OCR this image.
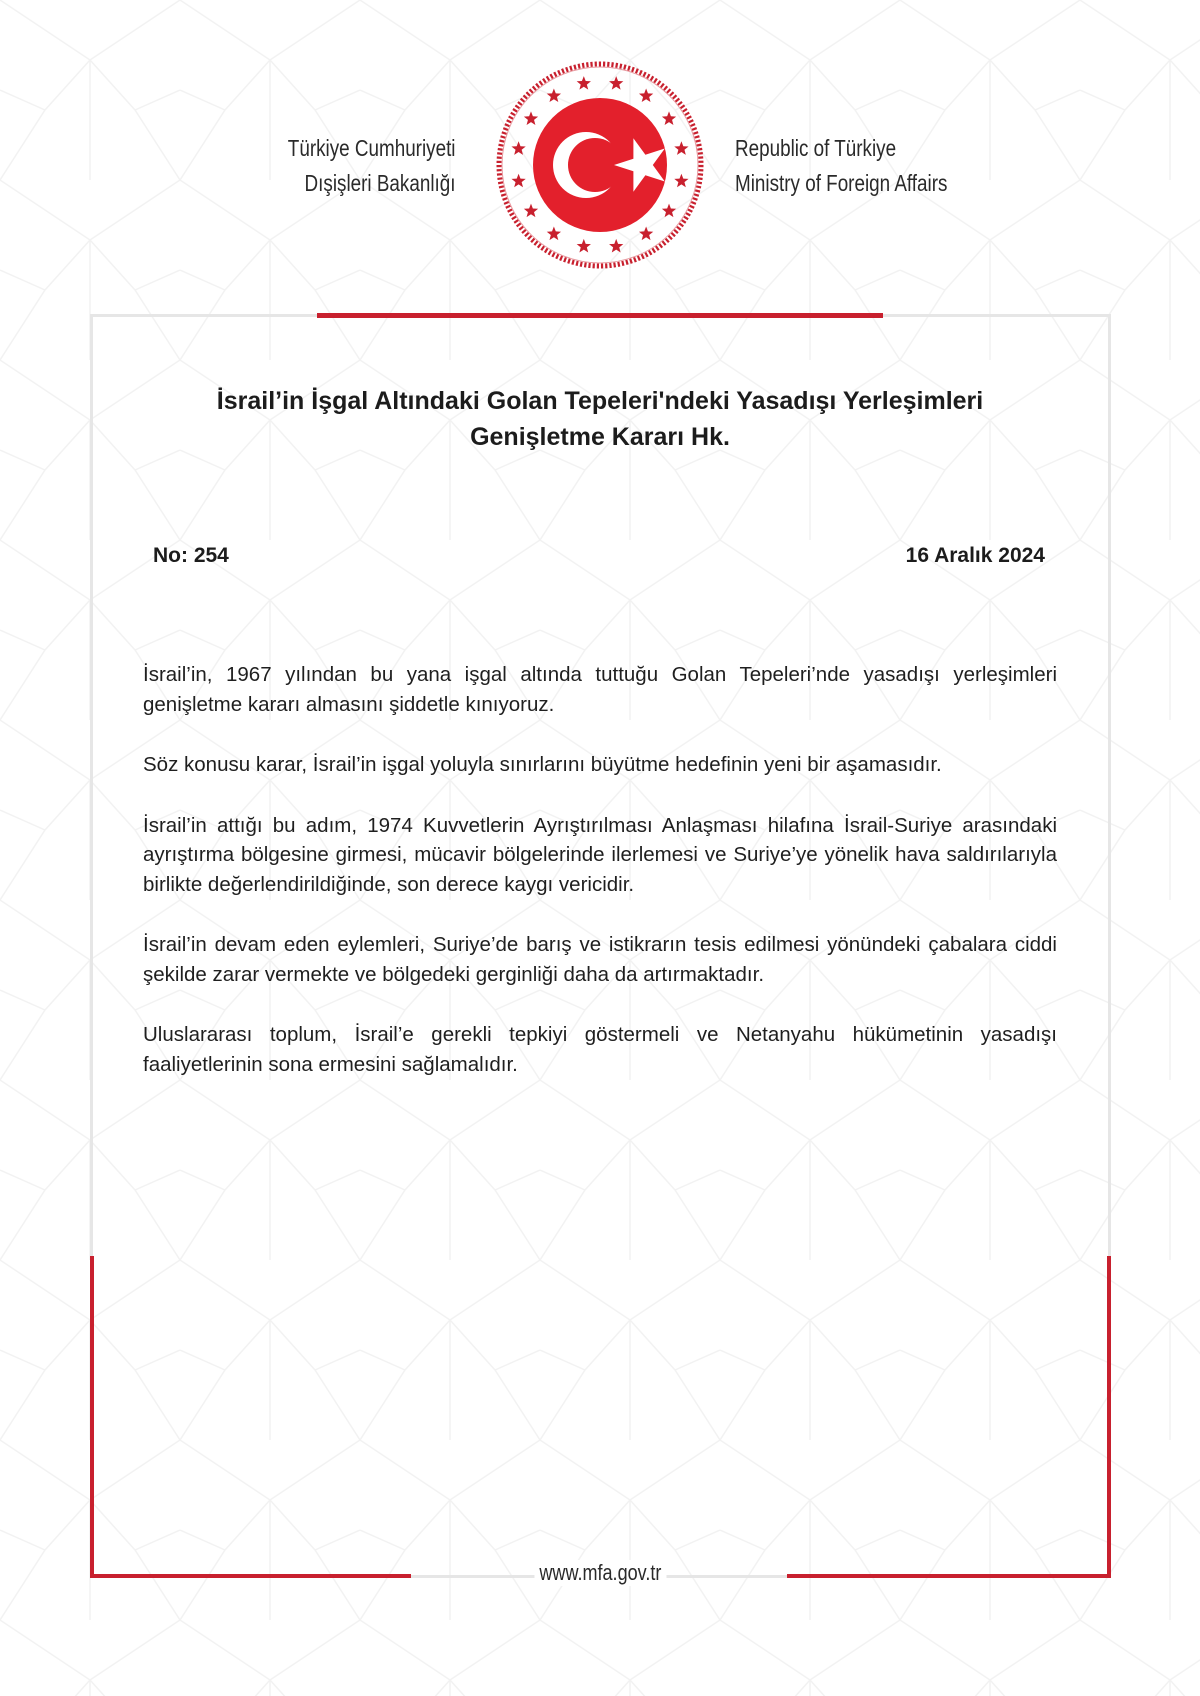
Türkiye Cumhuriyeti
Dışişleri Bakanlığı
Republic of Türkiye
Ministry of Foreign Affairs
İsrail’in İşgal Altındaki Golan Tepeleri'ndeki Yasadışı Yerleşimleri
Genişletme Kararı Hk.
No: 254	16 Aralık 2024

İsrail’in, 1967 yılından bu yana işgal altında tuttuğu Golan Tepeleri’nde yasadışı yerleşimleri genişletme kararı almasını şiddetle kınıyoruz.

Söz konusu karar, İsrail’in işgal yoluyla sınırlarını büyütme hedefinin yeni bir aşamasıdır.

İsrail’in attığı bu adım, 1974 Kuvvetlerin Ayrıştırılması Anlaşması hilafına İsrail-Suriye arasındaki ayrıştırma bölgesine girmesi, mücavir bölgelerinde ilerlemesi ve Suriye’ye yönelik hava saldırılarıyla birlikte değerlendirildiğinde, son derece kaygı vericidir.

İsrail’in devam eden eylemleri, Suriye’de barış ve istikrarın tesis edilmesi yönündeki çabalara ciddi şekilde zarar vermekte ve bölgedeki gerginliği daha da artırmaktadır.

Uluslararası toplum, İsrail’e gerekli tepkiyi göstermeli ve Netanyahu hükümetinin yasadışı faaliyetlerinin sona ermesini sağlamalıdır.

www.mfa.gov.tr
